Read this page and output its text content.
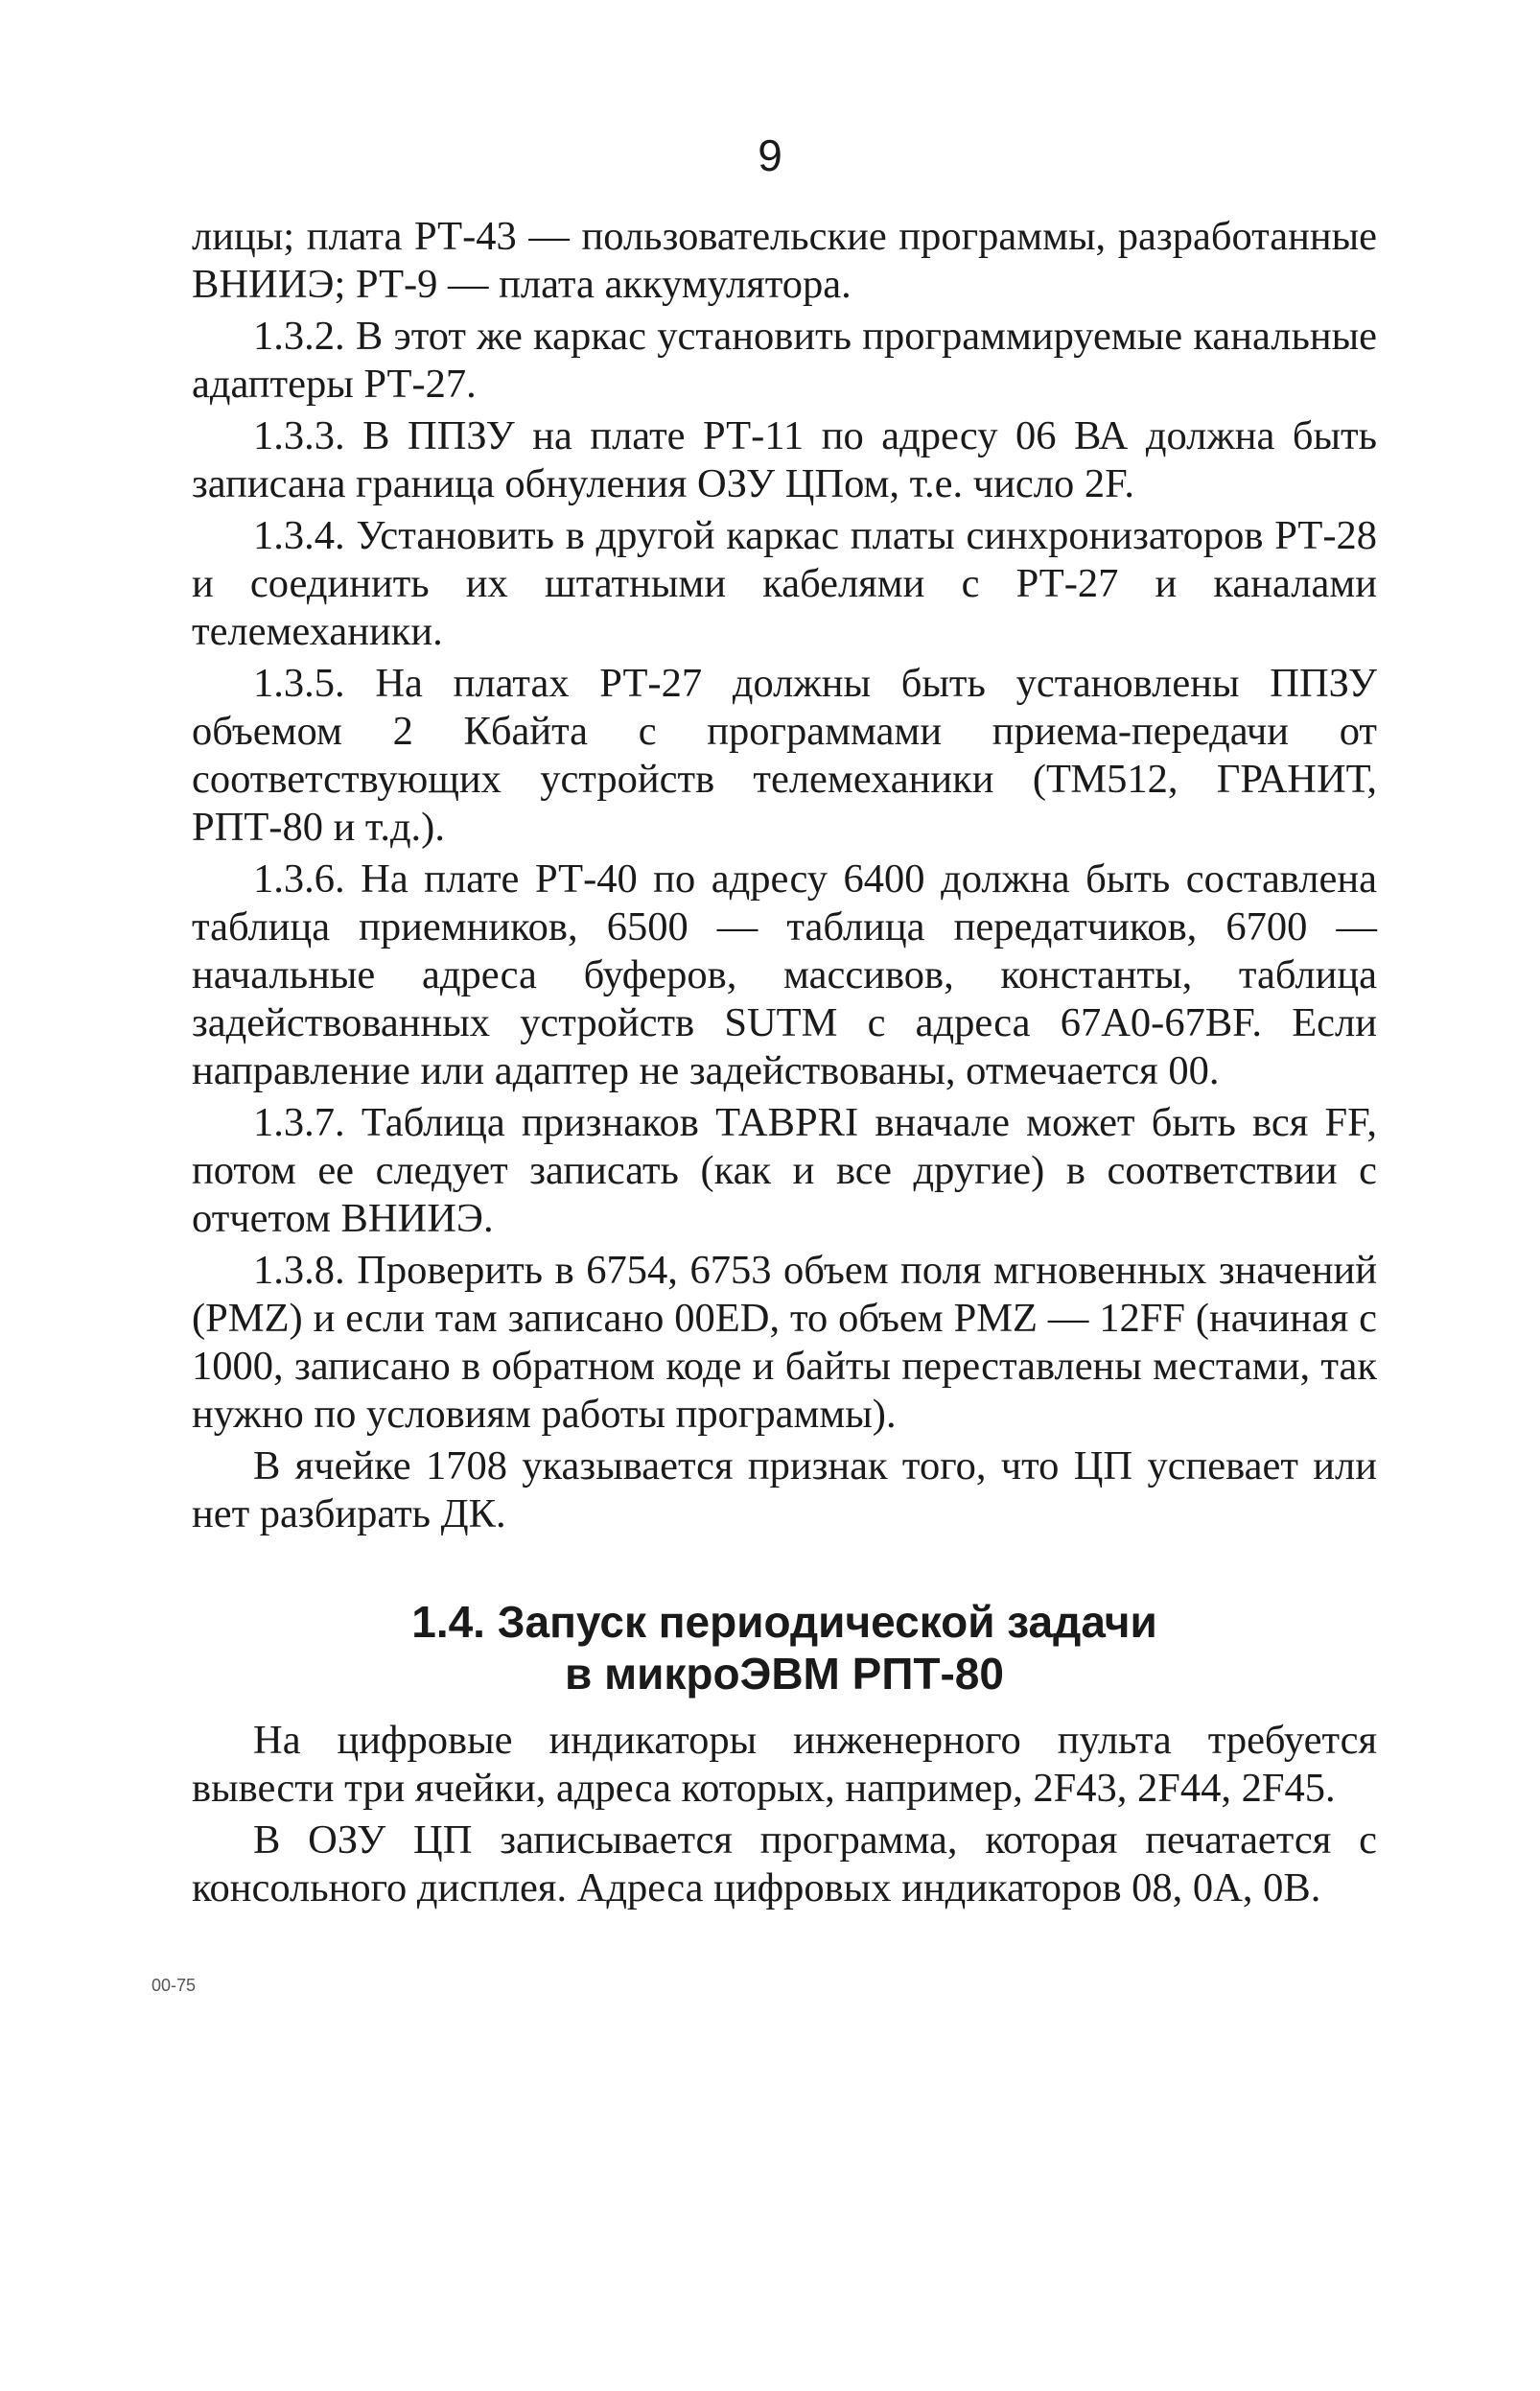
9

лицы; плата РТ-43 — пользовательские программы, разработанные ВНИИЭ; РТ-9 — плата аккумулятора.

1.3.2. В этот же каркас установить программируемые канальные адаптеры РТ-27.

1.3.3. В ППЗУ на плате РТ-11 по адресу 06 ВА должна быть записана граница обнуления ОЗУ ЦПом, т.е. число 2F.

1.3.4. Установить в другой каркас платы синхронизаторов РТ-28 и соединить их штатными кабелями с РТ-27 и каналами телемеханики.

1.3.5. На платах РТ-27 должны быть установлены ППЗУ объемом 2 Кбайта с программами приема-передачи от соответствующих устройств телемеханики (ТМ512, ГРАНИТ, РПТ-80 и т.д.).

1.3.6. На плате РТ-40 по адресу 6400 должна быть составлена таблица приемников, 6500 — таблица передатчиков, 6700 — начальные адреса буферов, массивов, константы, таблица задействованных устройств SUTM с адреса 67А0-67BF. Если направление или адаптер не задействованы, отмечается 00.

1.3.7. Таблица признаков ТАВPRI вначале может быть вся FF, потом ее следует записать (как и все другие) в соответствии с отчетом ВНИИЭ.

1.3.8. Проверить в 6754, 6753 объем поля мгновенных значений (PMZ) и если там записано 00ED, то объем PMZ — 12FF (начиная с 1000, записано в обратном коде и байты переставлены местами, так нужно по условиям работы программы).

В ячейке 1708 указывается признак того, что ЦП успевает или нет разбирать ДК.

1.4. Запуск периодической задачи
в микроЭВМ РПТ-80

На цифровые индикаторы инженерного пульта требуется вывести три ячейки, адреса которых, например, 2F43, 2F44, 2F45.

В ОЗУ ЦП записывается программа, которая печатается с консольного дисплея. Адреса цифровых индикаторов 08, 0А, 0В.

00-75
